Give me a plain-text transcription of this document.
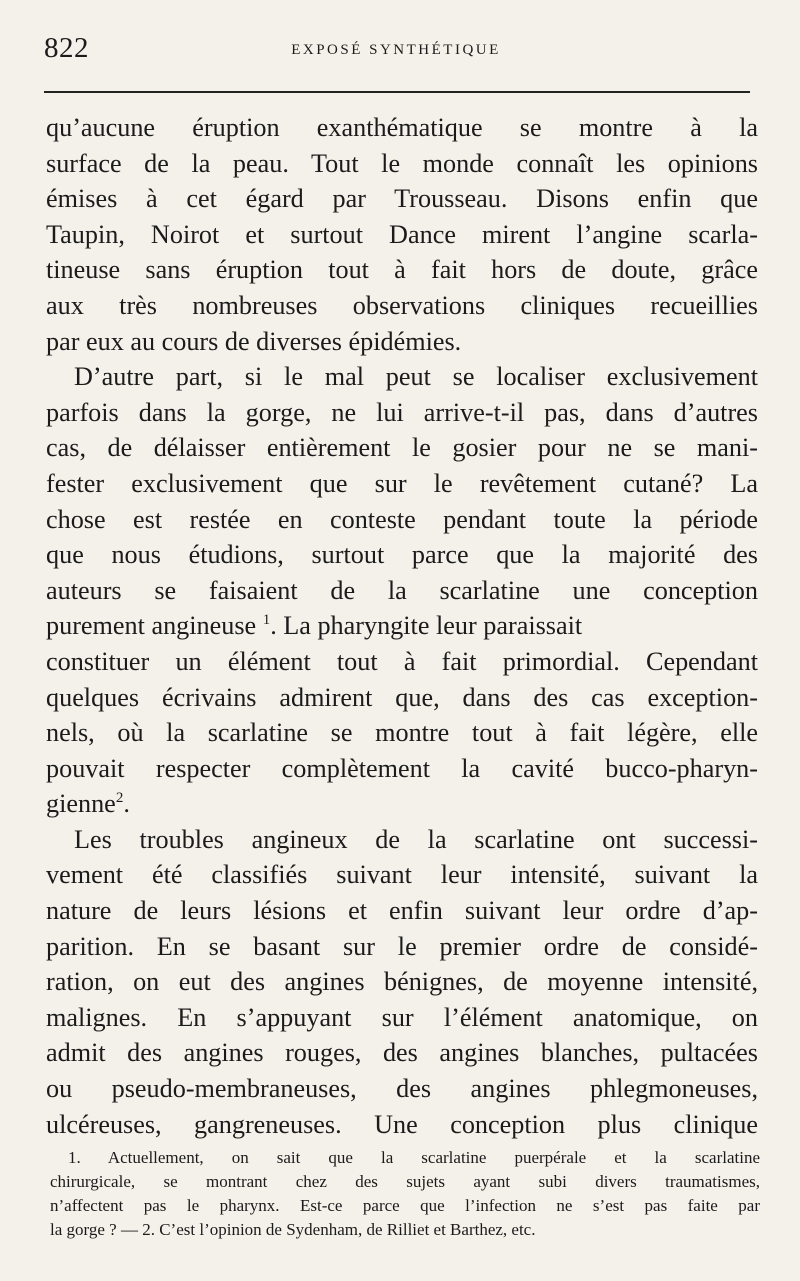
822	EXPOSÉ SYNTHÉTIQUE
qu’aucune éruption exanthématique se montre à la
surface de la peau. Tout le monde connaît les opinions
émises à cet égard par Trousseau. Disons enfin que
Taupin, Noirot et surtout Dance mirent l’angine scarla-
tineuse sans éruption tout à fait hors de doute, grâce
aux très nombreuses observations cliniques recueillies
par eux au cours de diverses épidémies.
D’autre part, si le mal peut se localiser exclusivement
parfois dans la gorge, ne lui arrive-t-il pas, dans d’autres
cas, de délaisser entièrement le gosier pour ne se mani-
fester exclusivement que sur le revêtement cutané? La
chose est restée en conteste pendant toute la période
que nous étudions, surtout parce que la majorité des
auteurs se faisaient de la scarlatine une conception
purement angineuse $^1$. La pharyngite leur paraissait
constituer un élément tout à fait primordial. Cependant
quelques écrivains admirent que, dans des cas exception-
nels, où la scarlatine se montre tout à fait légère, elle
pouvait respecter complètement la cavité bucco-pharyn-
gienne$^2$.
Les troubles angineux de la scarlatine ont successi-
vement été classifiés suivant leur intensité, suivant la
nature de leurs lésions et enfin suivant leur ordre d’ap-
parition. En se basant sur le premier ordre de considé-
ration, on eut des angines bénignes, de moyenne intensité,
malignes. En s’appuyant sur l’élément anatomique, on
admit des angines rouges, des angines blanches, pultacées
ou pseudo-membraneuses, des angines phlegmoneuses,
ulcéreuses, gangreneuses. Une conception plus clinique
1. Actuellement, on sait que la scarlatine puerpérale et la scarlatine
chirurgicale, se montrant chez des sujets ayant subi divers traumatismes,
n’affectent pas le pharynx. Est-ce parce que l’infection ne s’est pas faite par
la gorge ? — 2. C’est l’opinion de Sydenham, de Rilliet et Barthez, etc.
